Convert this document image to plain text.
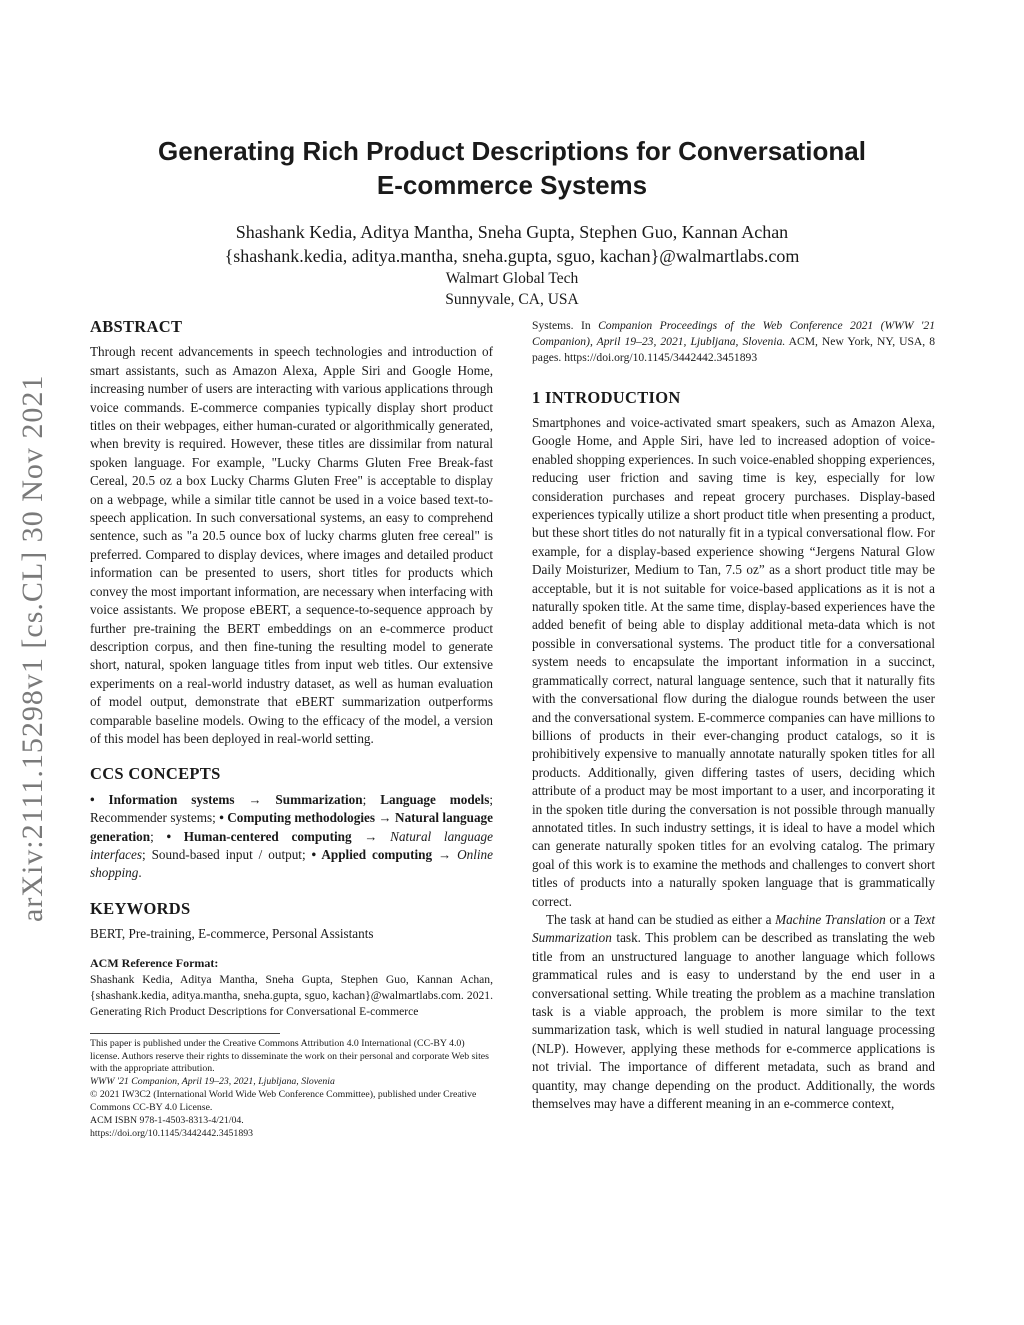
arXiv:2111.15298v1 [cs.CL] 30 Nov 2021
Generating Rich Product Descriptions for Conversational
E-commerce Systems
Shashank Kedia, Aditya Mantha, Sneha Gupta, Stephen Guo, Kannan Achan
{shashank.kedia, aditya.mantha, sneha.gupta, sguo, kachan}@walmartlabs.com
Walmart Global Tech
Sunnyvale, CA, USA
ABSTRACT

Through recent advancements in speech technologies and introduction of smart assistants, such as Amazon Alexa, Apple Siri and Google Home, increasing number of users are interacting with various applications through voice commands. E-commerce companies typically display short product titles on their webpages, either human-curated or algorithmically generated, when brevity is required. However, these titles are dissimilar from natural spoken language. For example, "Lucky Charms Gluten Free Break-fast Cereal, 20.5 oz a box Lucky Charms Gluten Free" is acceptable to display on a webpage, while a similar title cannot be used in a voice based text-to-speech application. In such conversational systems, an easy to comprehend sentence, such as "a 20.5 ounce box of lucky charms gluten free cereal" is preferred. Compared to display devices, where images and detailed product information can be presented to users, short titles for products which convey the most important information, are necessary when interfacing with voice assistants. We propose eBERT, a sequence-to-sequence approach by further pre-training the BERT embeddings on an e-commerce product description corpus, and then fine-tuning the resulting model to generate short, natural, spoken language titles from input web titles. Our extensive experiments on a real-world industry dataset, as well as human evaluation of model output, demonstrate that eBERT summarization outperforms comparable baseline models. Owing to the efficacy of the model, a version of this model has been deployed in real-world setting.

CCS CONCEPTS

• Information systems → Summarization; Language models; Recommender systems; • Computing methodologies → Natural language generation; • Human-centered computing → Natural language interfaces; Sound-based input / output; • Applied computing → Online shopping.

KEYWORDS

BERT, Pre-training, E-commerce, Personal Assistants

ACM Reference Format:

Shashank Kedia, Aditya Mantha, Sneha Gupta, Stephen Guo, Kannan Achan, {shashank.kedia, aditya.mantha, sneha.gupta, sguo, kachan}@walmartlabs.com. 2021. Generating Rich Product Descriptions for Conversational E-commerce

This paper is published under the Creative Commons Attribution 4.0 International (CC-BY 4.0) license. Authors reserve their rights to disseminate the work on their personal and corporate Web sites with the appropriate attribution.
WWW '21 Companion, April 19–23, 2021, Ljubljana, Slovenia
© 2021 IW3C2 (International World Wide Web Conference Committee), published under Creative Commons CC-BY 4.0 License.
ACM ISBN 978-1-4503-8313-4/21/04.
https://doi.org/10.1145/3442442.3451893

Systems. In Companion Proceedings of the Web Conference 2021 (WWW '21 Companion), April 19–23, 2021, Ljubljana, Slovenia. ACM, New York, NY, USA, 8 pages. https://doi.org/10.1145/3442442.3451893

1 INTRODUCTION

Smartphones and voice-activated smart speakers, such as Amazon Alexa, Google Home, and Apple Siri, have led to increased adoption of voice-enabled shopping experiences. In such voice-enabled shopping experiences, reducing user friction and saving time is key, especially for low consideration purchases and repeat grocery purchases. Display-based experiences typically utilize a short product title when presenting a product, but these short titles do not naturally fit in a typical conversational flow. For example, for a display-based experience showing “Jergens Natural Glow Daily Moisturizer, Medium to Tan, 7.5 oz” as a short product title may be acceptable, but it is not suitable for voice-based applications as it is not a naturally spoken title. At the same time, display-based experiences have the added benefit of being able to display additional meta-data which is not possible in conversational systems. The product title for a conversational system needs to encapsulate the important information in a succinct, grammatically correct, natural language sentence, such that it naturally fits with the conversational flow during the dialogue rounds between the user and the conversational system. E-commerce companies can have millions to billions of products in their ever-changing product catalogs, so it is prohibitively expensive to manually annotate naturally spoken titles for all products. Additionally, given differing tastes of users, deciding which attribute of a product may be most important to a user, and incorporating it in the spoken title during the conversation is not possible through manually annotated titles. In such industry settings, it is ideal to have a model which can generate naturally spoken titles for an evolving catalog. The primary goal of this work is to examine the methods and challenges to convert short titles of products into a naturally spoken language that is grammatically correct.

The task at hand can be studied as either a Machine Translation or a Text Summarization task. This problem can be described as translating the web title from an unstructured language to another language which follows grammatical rules and is easy to understand by the end user in a conversational setting. While treating the problem as a machine translation task is a viable approach, the problem is more similar to the text summarization task, which is well studied in natural language processing (NLP). However, applying these methods for e-commerce applications is not trivial. The importance of different metadata, such as brand and quantity, may change depending on the product. Additionally, the words themselves may have a different meaning in an e-commerce context,
